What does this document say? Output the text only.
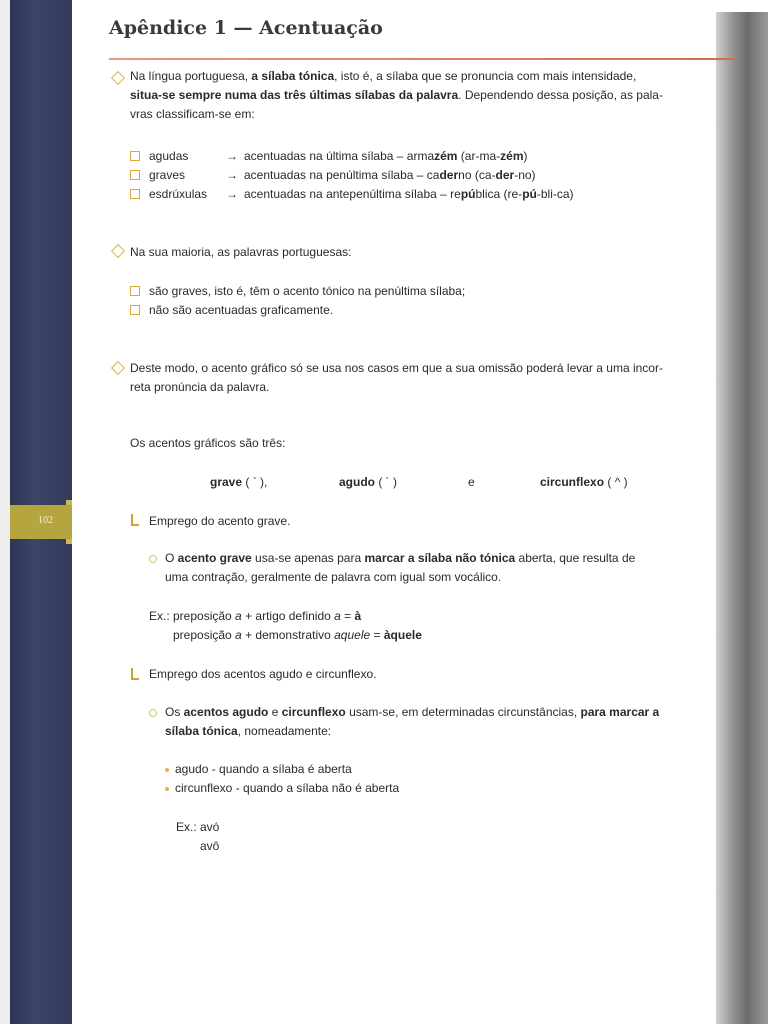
102
Apêndice 1 — Acentuação

Na língua portuguesa, a sílaba tónica, isto é, a sílaba que se pronuncia com mais intensidade,
situa-se sempre numa das três últimas sílabas da palavra. Dependendo dessa posição, as pala-
vras classificam-se em:

agudas	→ acentuadas na última sílaba – armazém (ar-ma-zém)
graves	→ acentuadas na penúltima sílaba – caderno (ca-der-no)
esdrúxulas → acentuadas na antepenúltima sílaba – república (re-pú-bli-ca)

Na sua maioria, as palavras portuguesas:

são graves, isto é, têm o acento tónico na penúltima sílaba;
não são acentuadas graficamente.

Deste modo, o acento gráfico só se usa nos casos em que a sua omissão poderá levar a uma incor-
reta pronúncia da palavra.

Os acentos gráficos são três:

grave ( ` ),	agudo ( ´ )	e	circunflexo ( ^ )

Emprego do acento grave.

O acento grave usa-se apenas para marcar a sílaba não tónica aberta, que resulta de
uma contração, geralmente de palavra com igual som vocálico.

Ex.: preposição a + artigo definido a = à

preposição a + demonstrativo aquele = àquele

Emprego dos acentos agudo e circunflexo.

Os acentos agudo e circunflexo usam-se, em determinadas circunstâncias, para marcar a
sílaba tónica, nomeadamente:

agudo - quando a sílaba é aberta

circunflexo - quando a sílaba não é aberta

Ex.: avó

avô
